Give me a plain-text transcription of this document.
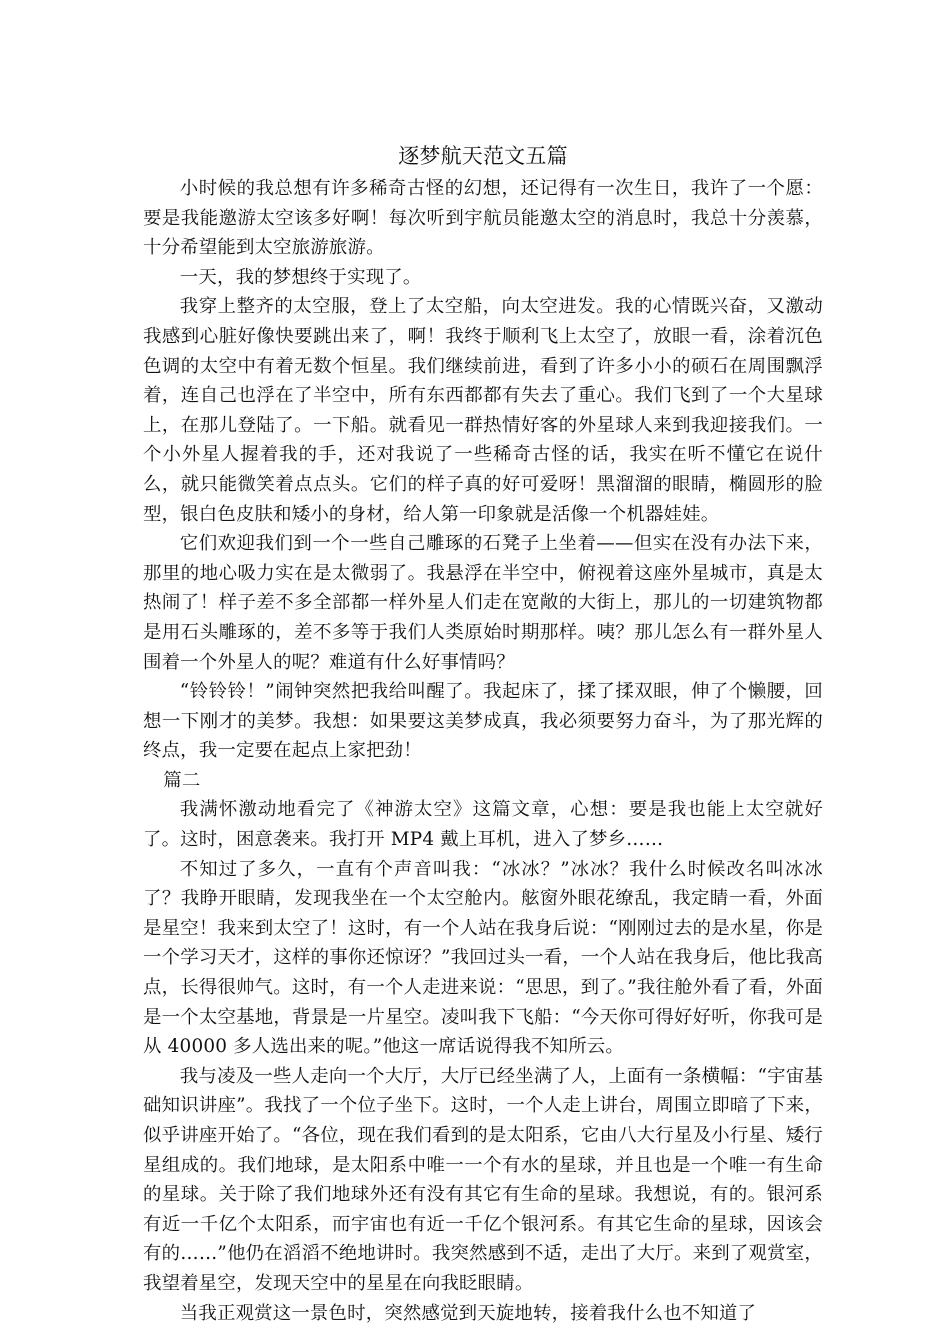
逐梦航天范文五篇

小时候的我总想有许多稀奇古怪的幻想，还记得有一次生日，我许了一个愿：要是我能邀游太空该多好啊！每次听到宇航员能邀太空的消息时，我总十分羡慕，十分希望能到太空旅游旅游。

一天，我的梦想终于实现了。

我穿上整齐的太空服，登上了太空船，向太空进发。我的心情既兴奋，又激动我感到心脏好像快要跳出来了，啊！我终于顺利飞上太空了，放眼一看，涂着沉色色调的太空中有着无数个恒星。我们继续前进，看到了许多小小的硕石在周围飘浮着，连自己也浮在了半空中，所有东西都都有失去了重心。我们飞到了一个大星球上，在那儿登陆了。一下船。就看见一群热情好客的外星球人来到我迎接我们。一个小外星人握着我的手，还对我说了一些稀奇古怪的话，我实在听不懂它在说什么，就只能微笑着点点头。它们的样子真的好可爱呀！黑溜溜的眼睛，椭圆形的脸型，银白色皮肤和矮小的身材，给人第一印象就是活像一个机器娃娃。

它们欢迎我们到一个一些自己雕琢的石凳子上坐着——但实在没有办法下来，那里的地心吸力实在是太微弱了。我悬浮在半空中，俯视着这座外星城市，真是太热闹了！样子差不多全部都一样外星人们走在宽敞的大街上，那儿的一切建筑物都是用石头雕琢的，差不多等于我们人类原始时期那样。咦？那儿怎么有一群外星人围着一个外星人的呢？难道有什么好事情吗？

“铃铃铃！”闹钟突然把我给叫醒了。我起床了，揉了揉双眼，伸了个懒腰，回想一下刚才的美梦。我想：如果要这美梦成真，我必须要努力奋斗，为了那光辉的终点，我一定要在起点上家把劲！

篇二

我满怀激动地看完了《神游太空》这篇文章，心想：要是我也能上太空就好了。这时，困意袭来。我打开 MP4 戴上耳机，进入了梦乡……

不知过了多久，一直有个声音叫我：“冰冰？”冰冰？我什么时候改名叫冰冰了？我睁开眼睛，发现我坐在一个太空舱内。舷窗外眼花缭乱，我定睛一看，外面是星空！我来到太空了！这时，有一个人站在我身后说：“刚刚过去的是水星，你是一个学习天才，这样的事你还惊讶？”我回过头一看，一个人站在我身后，他比我高点，长得很帅气。这时，有一个人走进来说：“思思，到了。”我往舱外看了看，外面是一个太空基地，背景是一片星空。凌叫我下飞船：“今天你可得好好听，你我可是从 40000 多人选出来的呢。”他这一席话说得我不知所云。

我与凌及一些人走向一个大厅，大厅已经坐满了人，上面有一条横幅：“宇宙基础知识讲座”。我找了一个位子坐下。这时，一个人走上讲台，周围立即暗了下来，似乎讲座开始了。“各位，现在我们看到的是太阳系，它由八大行星及小行星、矮行星组成的。我们地球，是太阳系中唯一一个有水的星球，并且也是一个唯一有生命的星球。关于除了我们地球外还有没有其它有生命的星球。我想说，有的。银河系有近一千亿个太阳系，而宇宙也有近一千亿个银河系。有其它生命的星球，因该会有的……”他仍在滔滔不绝地讲时。我突然感到不适，走出了大厅。来到了观赏室，我望着星空，发现天空中的星星在向我眨眼睛。

当我正观赏这一景色时，突然感觉到天旋地转，接着我什么也不知道了
